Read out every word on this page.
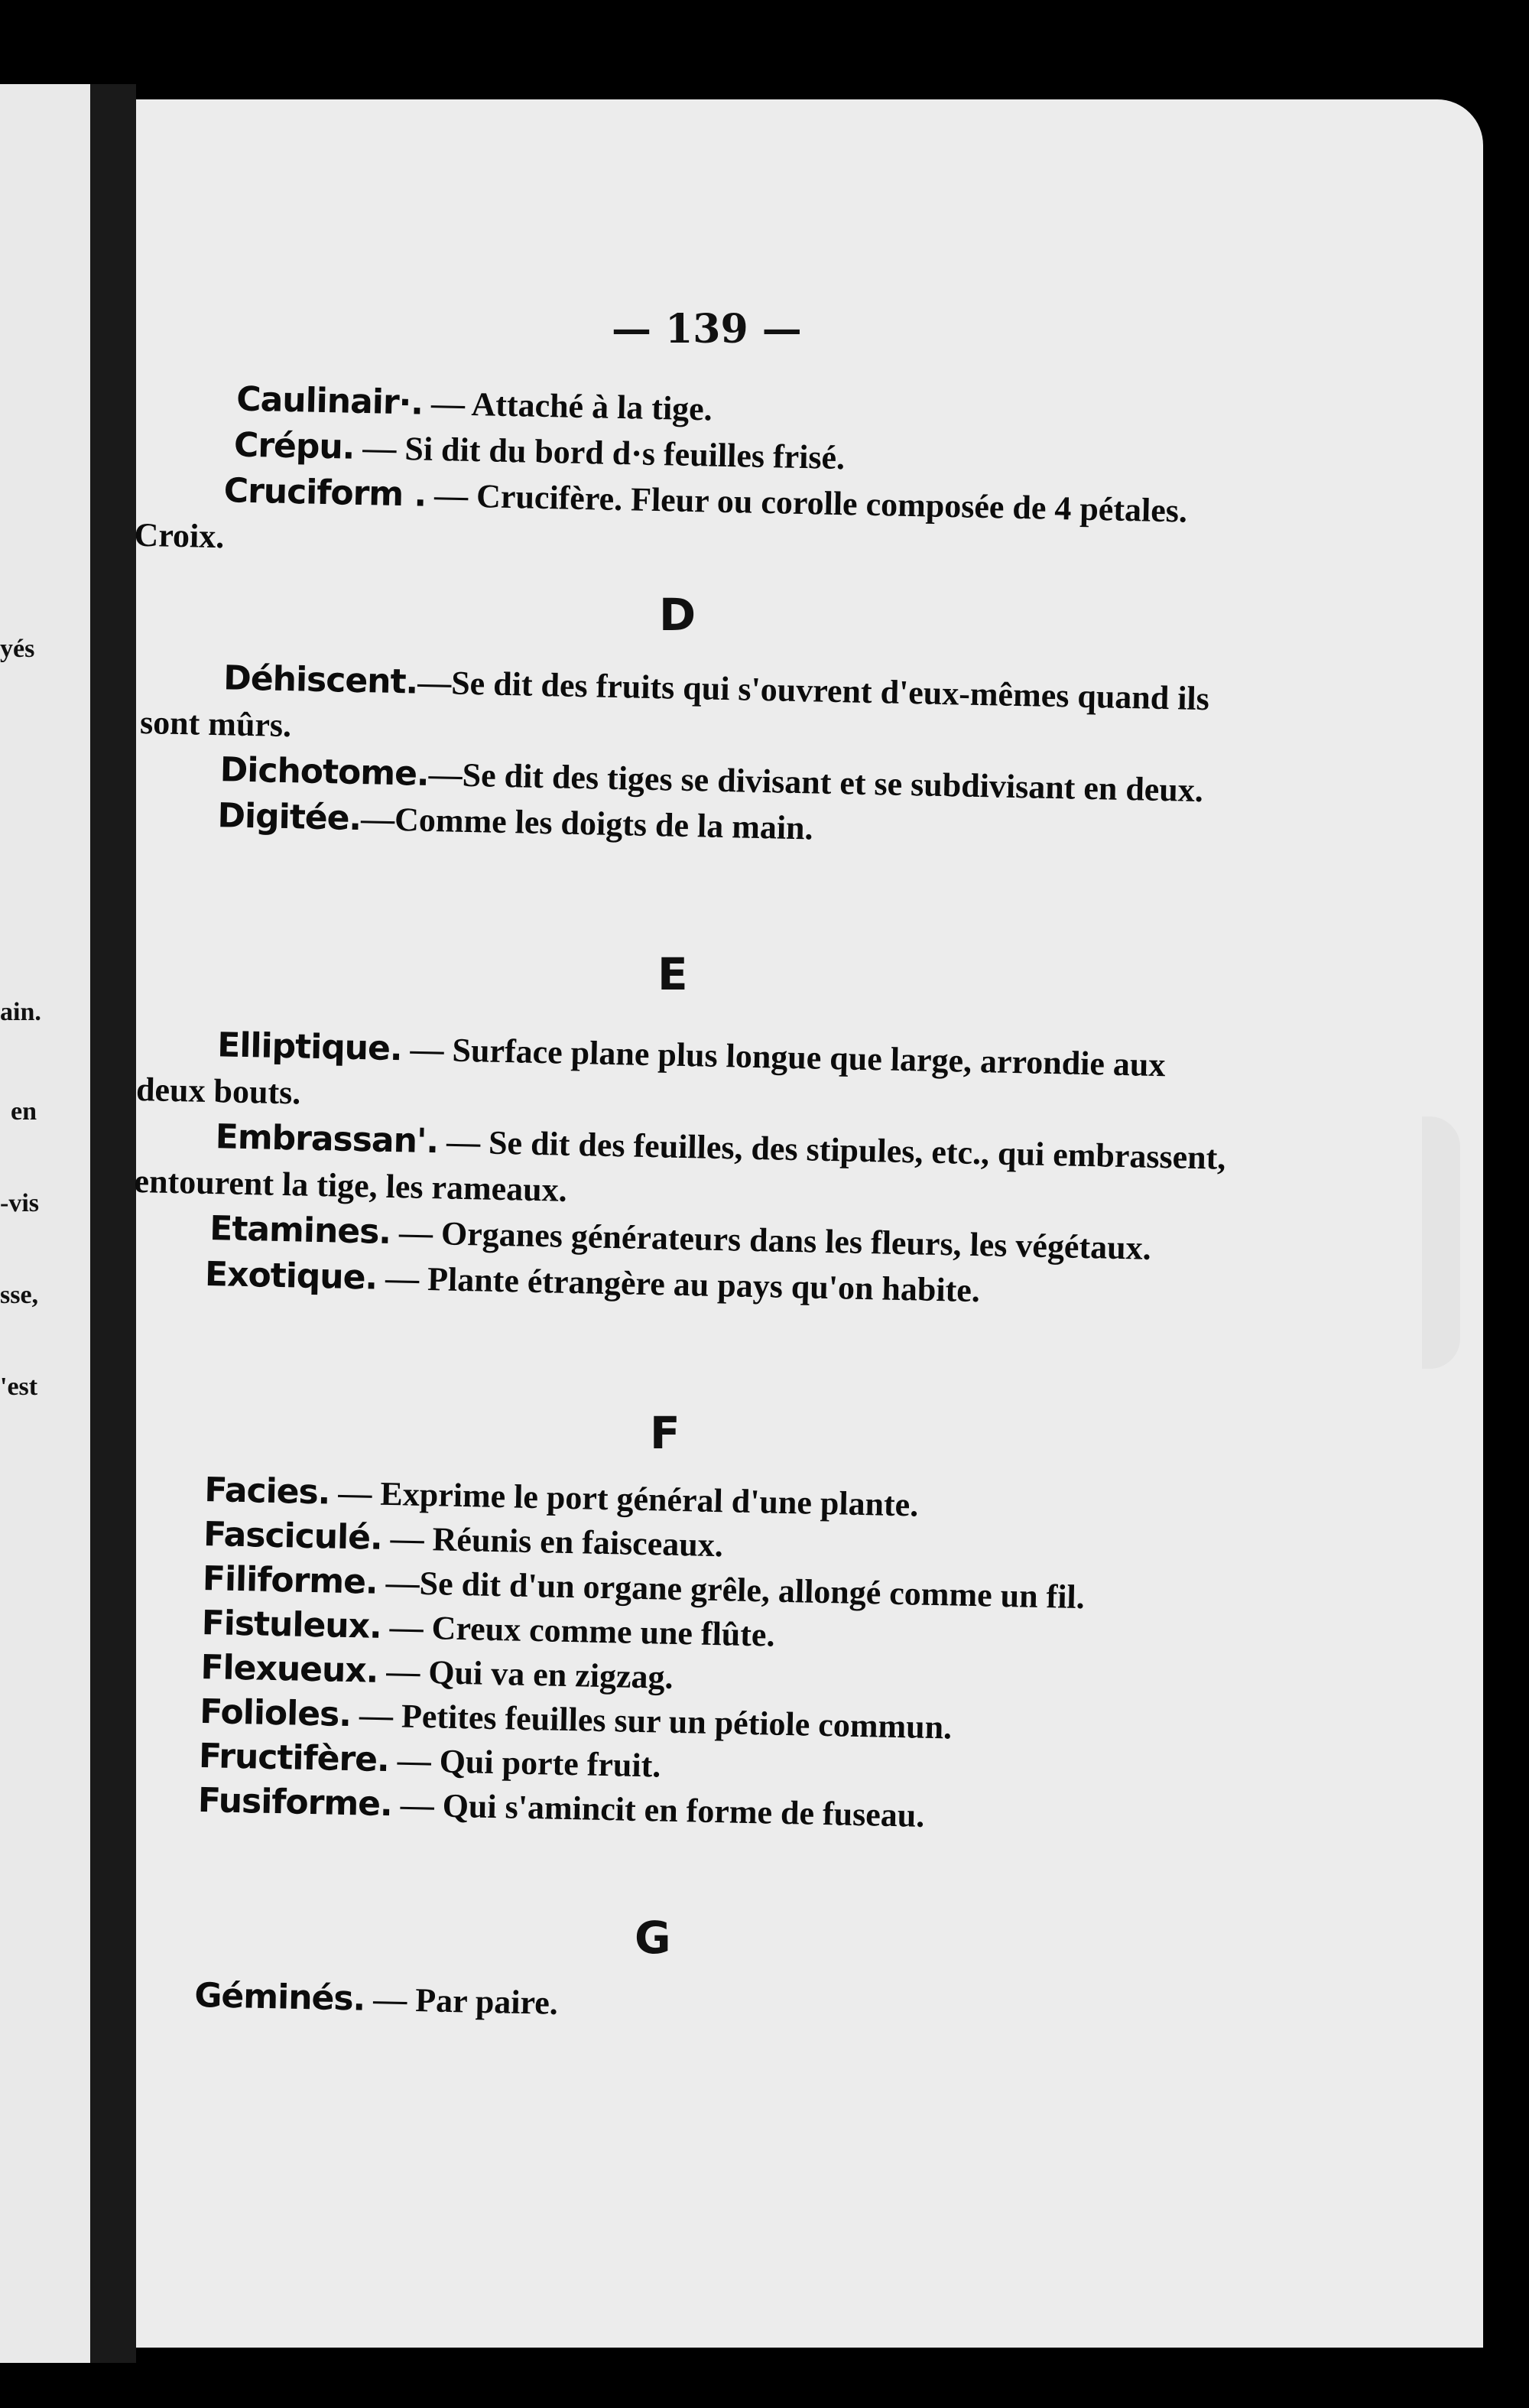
yés
ain.
en
-vis
sse,
'est
— 139 —

Caulinair·. — Attaché à la tige.

Crépu. — Si dit du bord d·s feuilles frisé.

Cruciform . — Crucifère. Fleur ou corolle composée de 4 pétales. Croix.

D

Déhiscent.—Se dit des fruits qui s'ouvrent d'eux-mêmes quand ils sont mûrs.

Dichotome.—Se dit des tiges se divisant et se subdivisant en deux.

Digitée.—Comme les doigts de la main.

E

Elliptique. — Surface plane plus longue que large, arrondie aux deux bouts.

Embrassan'. — Se dit des feuilles, des stipules, etc., qui embrassent, entourent la tige, les rameaux.

Etamines. — Organes générateurs dans les fleurs, les végétaux.

Exotique. — Plante étrangère au pays qu'on habite.

F

Facies. — Exprime le port général d'une plante.

Fasciculé. — Réunis en faisceaux.

Filiforme. —Se dit d'un organe grêle, allongé comme un fil.

Fistuleux. — Creux comme une flûte.

Flexueux. — Qui va en zigzag.

Folioles. — Petites feuilles sur un pétiole commun.

Fructifère. — Qui porte fruit.

Fusiforme. — Qui s'amincit en forme de fuseau.

G

Géminés. — Par paire.
